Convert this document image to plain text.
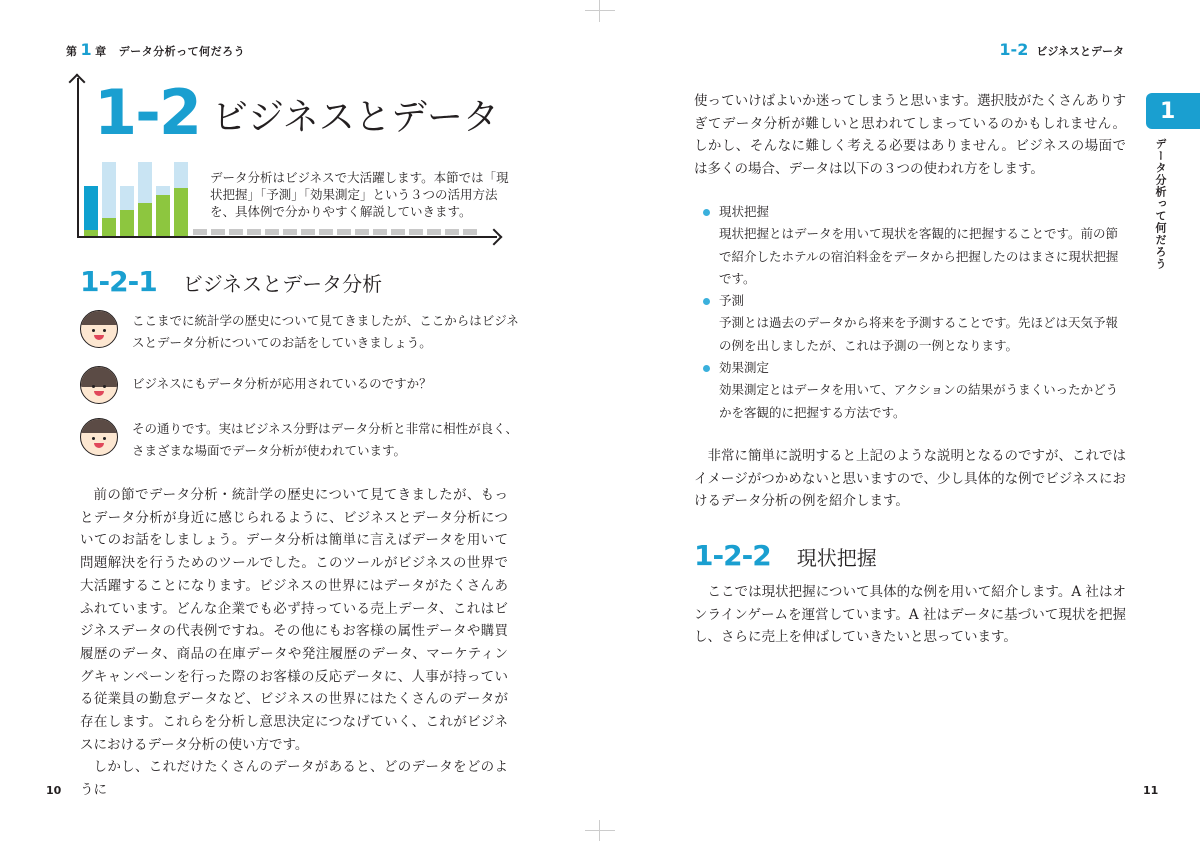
第 1 章 データ分析って何だろう
1-2 ビジネスとデータ
データ分析はビジネスで大活躍します。本節では「現状把握」「予測」「効果測定」という３つの活用方法を、具体例で分かりやすく解説していきます。
1-2-1 ビジネスとデータ分析
ここまでに統計学の歴史について見てきましたが、ここからはビジネスとデータ分析についてのお話をしていきましょう。
ビジネスにもデータ分析が応用されているのですか？
その通りです。実はビジネス分野はデータ分析と非常に相性が良く、さまざまな場面でデータ分析が使われています。

前の節でデータ分析・統計学の歴史について見てきましたが、もっとデータ分析が身近に感じられるように、ビジネスとデータ分析についてのお話をしましょう。データ分析は簡単に言えばデータを用いて問題解決を行うためのツールでした。このツールがビジネスの世界で大活躍することになります。ビジネスの世界にはデータがたくさんあふれています。どんな企業でも必ず持っている売上データ、これはビジネスデータの代表例ですね。その他にもお客様の属性データや購買履歴のデータ、商品の在庫データや発注履歴のデータ、マーケティングキャンペーンを行った際のお客様の反応データに、人事が持っている従業員の勤怠データなど、ビジネスの世界にはたくさんのデータが存在します。これらを分析し意思決定につなげていく、これがビジネスにおけるデータ分析の使い方です。

しかし、これだけたくさんのデータがあると、どのデータをどのように

10
1-2 ビジネスとデータ

使っていけばよいか迷ってしまうと思います。選択肢がたくさんありすぎてデータ分析が難しいと思われてしまっているのかもしれません。しかし、そんなに難しく考える必要はありません。ビジネスの場面では多くの場合、データは以下の３つの使われ方をします。

現状把握
現状把握とはデータを用いて現状を客観的に把握することです。前の節で紹介したホテルの宿泊料金をデータから把握したのはまさに現状把握です。
予測
予測とは過去のデータから将来を予測することです。先ほどは天気予報の例を出しましたが、これは予測の一例となります。
効果測定
効果測定とはデータを用いて、アクションの結果がうまくいったかどうかを客観的に把握する方法です。

非常に簡単に説明すると上記のような説明となるのですが、これではイメージがつかめないと思いますので、少し具体的な例でビジネスにおけるデータ分析の例を紹介します。

1-2-2 現状把握

ここでは現状把握について具体的な例を用いて紹介します。A 社はオンラインゲームを運営しています。A 社はデータに基づいて現状を把握し、さらに売上を伸ばしていきたいと思っています。

1
データ分析って何だろう
11
